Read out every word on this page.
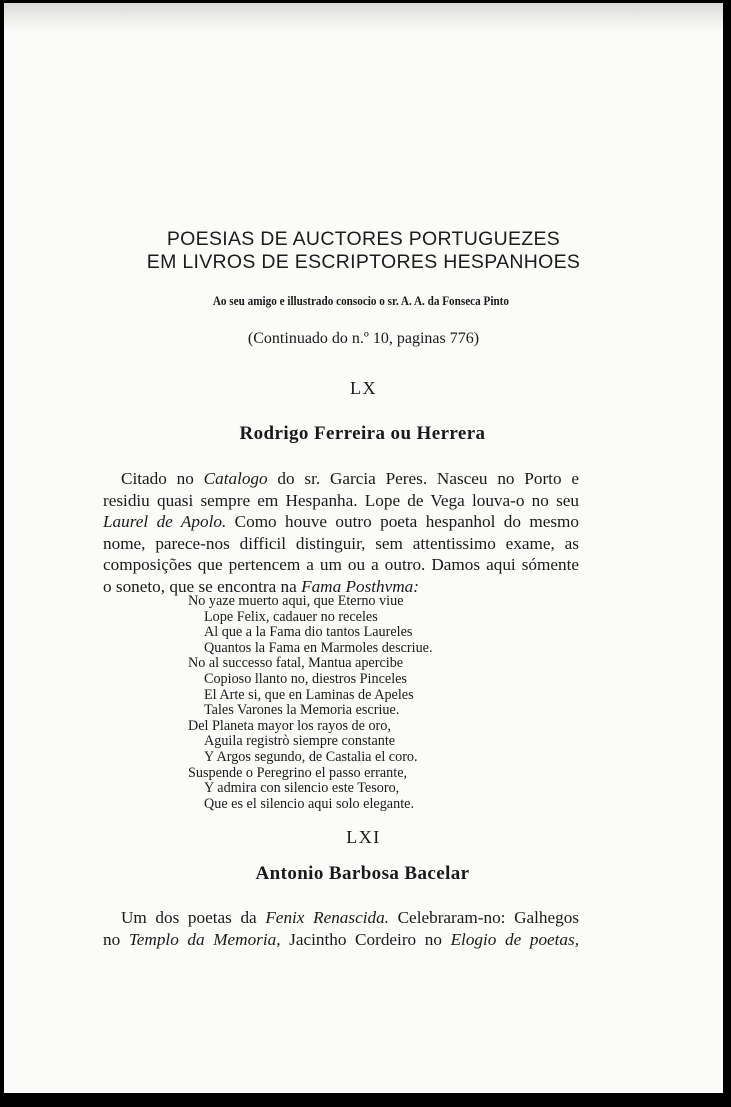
POESIAS DE AUCTORES PORTUGUEZES
EM LIVROS DE ESCRIPTORES HESPANHOES
Ao seu amigo e illustrado consocio o sr. A. A. da Fonseca Pinto
(Continuado do n.º 10, paginas 776)
LX
Rodrigo Ferreira ou Herrera
Citado no Catalogo do sr. Garcia Peres. Nasceu no Porto e
residiu quasi sempre em Hespanha. Lope de Vega louva-o no seu
Laurel de Apolo. Como houve outro poeta hespanhol do mesmo
nome, parece-nos difficil distinguir, sem attentissimo exame, as
composições que pertencem a um ou a outro. Damos aqui sómente
o soneto, que se encontra na Fama Posthvma:
No yaze muerto aqui, que Eterno viue
Lope Felix, cadauer no receles
Al que a la Fama dio tantos Laureles
Quantos la Fama en Marmoles descriue.
No al successo fatal, Mantua apercibe
Copioso llanto no, diestros Pinceles
El Arte si, que en Laminas de Apeles
Tales Varones la Memoria escriue.
Del Planeta mayor los rayos de oro,
Aguila registrò siempre constante
Y Argos segundo, de Castalia el coro.
Suspende o Peregrino el passo errante,
Y admira con silencio este Tesoro,
Que es el silencio aqui solo elegante.
LXI
Antonio Barbosa Bacelar
Um dos poetas da Fenix Renascida. Celebraram-no: Galhegos
no Templo da Memoria, Jacintho Cordeiro no Elogio de poetas,
